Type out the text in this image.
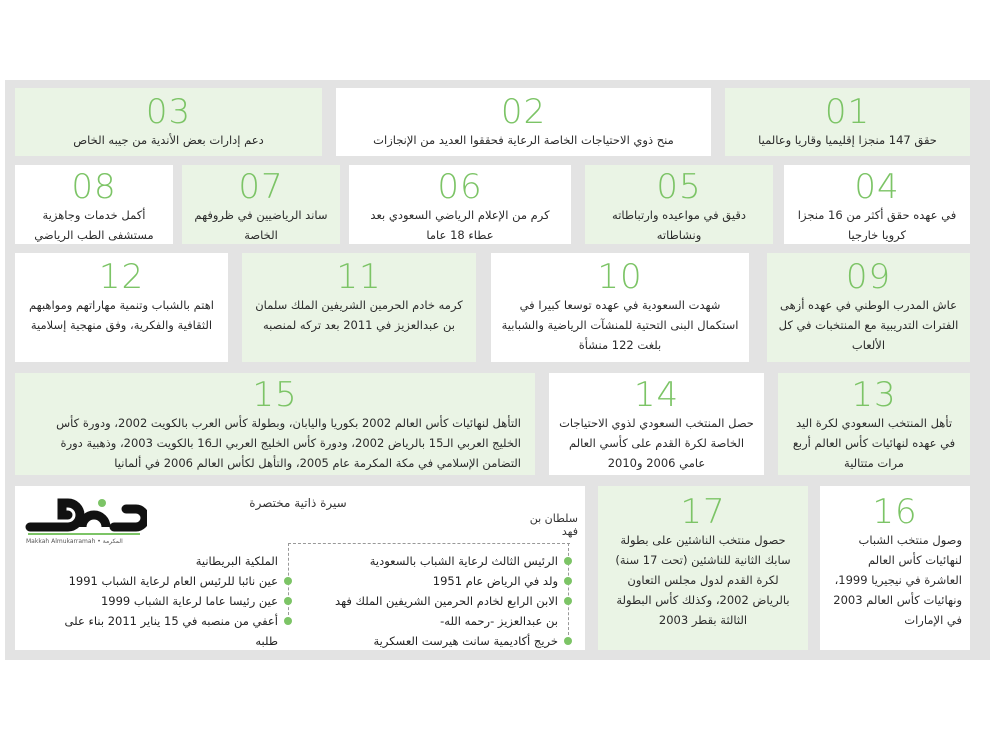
03
دعم إدارات بعض الأندية من جيبه الخاص
02
منح ذوي الاحتياجات الخاصة الرعاية فحققوا العديد من الإنجازات
01
حقق 147 منجزا إقليميا وقاريا وعالميا
08
أكمل خدمات وجاهزية مستشفى الطب الرياضي
07
ساند الرياضيين في ظروفهم الخاصة
06
كرم من الإعلام الرياضي السعودي بعد عطاء 18 عاما
05
دقيق في مواعيده وارتباطاته ونشاطاته
04
في عهده حقق أكثر من 16 منجزا كرويا خارجيا
12
اهتم بالشباب وتنمية مهاراتهم ومواهبهم الثقافية والفكرية، وفق منهجية إسلامية
11
كرمه خادم الحرمين الشريفين الملك سلمان بن عبدالعزيز في 2011 بعد تركه لمنصبه
10
شهدت السعودية في عهده توسعا كبيرا في استكمال البنى التحتية للمنشآت الرياضية والشبابية بلغت 122 منشأة
09
عاش المدرب الوطني في عهده أزهى الفترات التدريبية مع المنتخبات في كل الألعاب
15
التأهل لنهائيات كأس العالم 2002 بكوريا واليابان، وبطولة كأس العرب بالكويت 2002، ودورة كأس الخليج العربي الـ15 بالرياض 2002، ودورة كأس الخليج العربي الـ16 بالكويت 2003، وذهبية دورة التضامن الإسلامي في مكة المكرمة عام 2005، والتأهل لكأس العالم 2006 في ألمانيا
14
حصل المنتخب السعودي لذوي الاحتياجات الخاصة لكرة القدم على كأسي العالم عامي 2006 و2010
13
تأهل المنتخب السعودي لكرة اليد في عهده لنهائيات كأس العالم أربع مرات متتالية
17
حصول منتخب الناشئين على بطولة سابك الثانية للناشئين (تحت 17 سنة) لكرة القدم لدول مجلس التعاون بالرياض 2002، وكذلك كأس البطولة الثالثة بقطر 2003
16
وصول منتخب الشباب لنهائيات كأس العالم العاشرة في نيجيريا 1999، ونهائيات كأس العالم 2003 في الإمارات
Makkah Almukarramah • المكرمة
سيرة ذاتية مختصرة
سلطان بن فهد
الرئيس الثالث لرعاية الشباب بالسعودية
ولد في الرياض عام 1951
الابن الرابع لخادم الحرمين الشريفين الملك فهد
بن عبدالعزيز -رحمه الله-
خريج أكاديمية سانت هيرست العسكرية
الملكية البريطانية
عين نائبا للرئيس العام لرعاية الشباب 1991
عين رئيسا عاما لرعاية الشباب 1999
أعفي من منصبه في 15 يناير 2011 بناء على
طلبه
